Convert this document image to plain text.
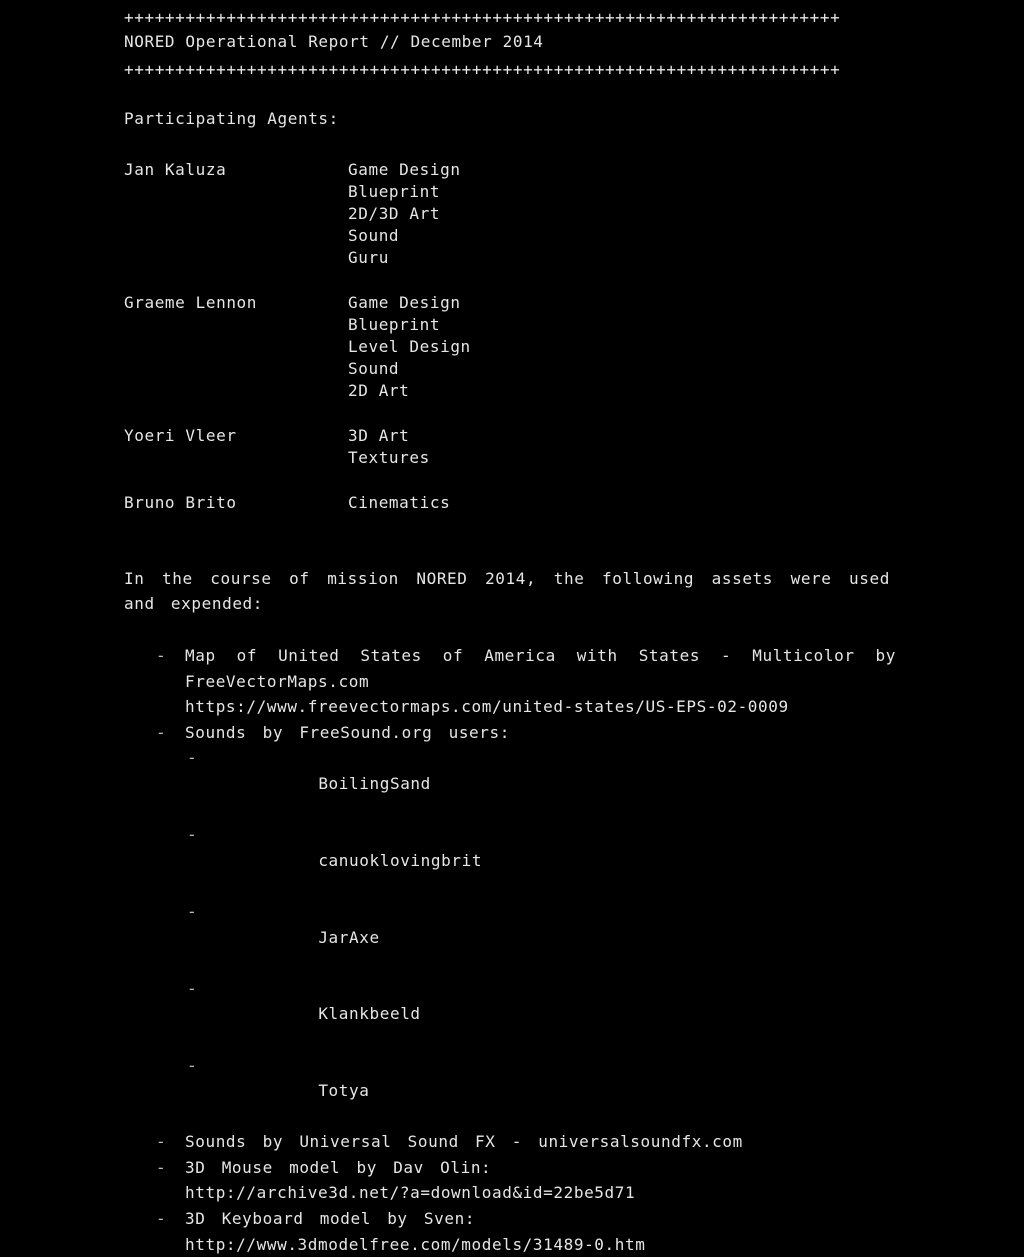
++++++++++++++++++++++++++++++++++++++++++++++++++++++++++++++++++++++
NORED Operational Report // December 2014
++++++++++++++++++++++++++++++++++++++++++++++++++++++++++++++++++++++
Participating Agents:
Jan Kaluza	Game Design
Blueprint
2D/3D Art
Sound
Guru
Graeme Lennon	Game Design
Blueprint
Level Design
Sound
2D Art
Yoeri Vleer	3D Art
Textures
Bruno Brito	Cinematics
In the course of mission NORED 2014, the following assets were used and expended:
- Map of United States of America with States - Multicolor by FreeVectorMaps.com
https://www.freevectormaps.com/united-states/US-EPS-02-0009
- Sounds by FreeSound.org users:

-
BoilingSand

-
canuoklovingbrit

-
JarAxe

-
Klankbeeld

-
Totya

- Sounds by Universal Sound FX - universalsoundfx.com
- 3D Mouse model by Dav Olin:
http://archive3d.net/?a=download&id=22be5d71
- 3D Keyboard model by Sven:
http://www.3dmodelfree.com/models/31489-0.htm
